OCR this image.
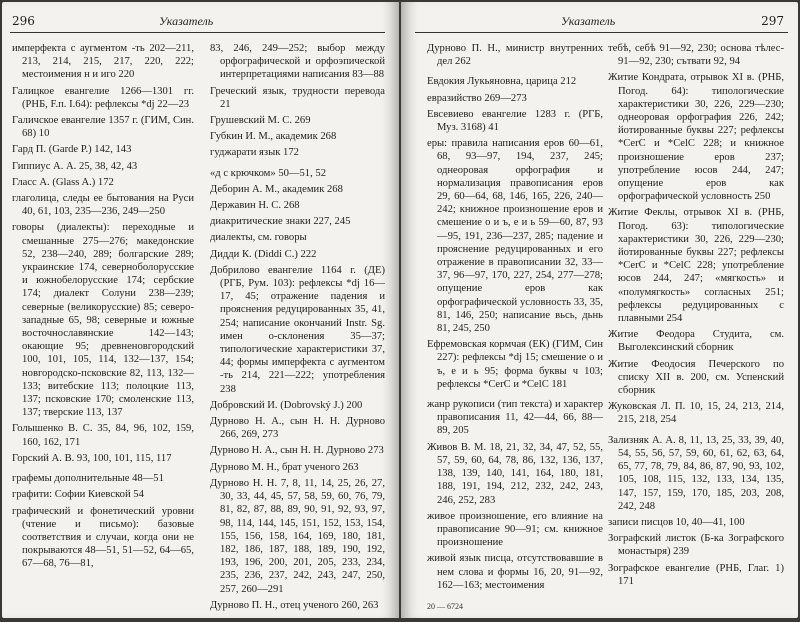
296	Указатель

имперфекта с аугментом -ть 202—211, 213, 214, 215, 217, 220, 222; местоимения н и иго 220

Галицкое евангелие 1266—1301 гг. (РНБ, F.п. I.64): рефлексы *dj 22—23

Галичское евангелие 1357 г. (ГИМ, Син. 68) 10

Гард П. (Garde P.) 142, 143

Гиппиус А. А. 25, 38, 42, 43

Гласс А. (Glass A.) 172

глаголица, следы ее бытования на Руси 40, 61, 103, 235—236, 249—250

говоры (диалекты): переходные и смешанные 275—276; македонские 52, 238—240, 289; болгарские 289; украинские 174, северноболорусские и южнобелорусские 174; сербские 174; диалект Солуни 238—239; северные (великорусские) 85; северо-западные 65, 98; северные и южные восточнославянские 142—143; окающие 95; древненовгородский 100, 101, 105, 114, 132—137, 154; новгородско-псковские 82, 113, 132—133; витебские 113; полоцкие 113, 137; псковские 170; смоленские 113, 137; тверские 113, 137

Голышенко В. С. 35, 84, 96, 102, 159, 160, 162, 171

Горский А. В. 93, 100, 101, 115, 117

графемы дополнительные 48—51

графити: Софии Киевской 54

графический и фонетический уровни (чтение и письмо): базовые соответствия и случаи, когда они не покрываются 48—51, 51—52, 64—65, 67—68, 76—81,

83, 246, 249—252; выбор между орфографической и орфоэпической интерпретациями написания 83—88

Греческий язык, трудности перевода 21

Грушевский М. С. 269

Губкин И. М., академик 268

гуджарати язык 172

«д с крючком» 50—51, 52

Деборин А. М., академик 268

Державин Н. С. 268

диакритические знаки 227, 245

диалекты, см. говоры

Дидди К. (Diddi C.) 222

Добрилово евангелие 1164 г. (ДЕ) (РГБ, Рум. 103): рефлексы *dj 16—17, 45; отражение падения и прояснения редуцированных 35, 41, 254; написание окончаний Instr. Sg. имен о-склонения 35—37; типологические характеристики 37, 44; формы имперфекта с аугментом -ть 214, 221—222; употребления 238

Добровский И. (Dobrovský J.) 200

Дурново Н. А., сын Н. Н. Дурново 266, 269, 273

Дурново Н. А., сын Н. Н. Дурново 273

Дурново М. Н., брат ученого 263

Дурново Н. Н. 7, 8, 11, 14, 25, 26, 27, 30, 33, 44, 45, 57, 58, 59, 60, 76, 79, 81, 82, 87, 88, 89, 90, 91, 92, 93, 97, 98, 114, 144, 145, 151, 152, 153, 154, 155, 156, 158, 164, 169, 180, 181, 182, 186, 187, 188, 189, 190, 192, 193, 196, 200, 201, 205, 233, 234, 235, 236, 237, 242, 243, 247, 250, 257, 260—291

Дурново П. Н., отец ученого 260, 263

Указатель	297

Дурново П. Н., министр внутренних дел 262

Евдокия Лукьяновна, царица 212

евразийство 269—273

Евсевиево евангелие 1283 г. (РГБ, Муз. 3168) 41

еры: правила написания еров 60—61, 68, 93—97, 194, 237, 245; однеоровая орфография и нормализация правописания еров 29, 60—64, 68, 146, 165, 226, 240—242; книжное произношение еров и смешение о и ъ, е и ь 59—60, 87, 93—95, 191, 236—237, 285; падение и прояснение редуцированных и его отражение в правописании 32, 33—37, 96—97, 170, 227, 254, 277—278; опущение еров как орфографической условность 33, 35, 81, 146, 250; написание вьсь, дьнь 81, 245, 250

Ефремовская кормчая (ЕК) (ГИМ, Син 227): рефлексы *dj 15; смешение о и ъ, е и ь 95; форма буквы ч 103; рефлексы *CerC и *CelC 181

жанр рукописи (тип текста) и характер правописания 11, 42—44, 66, 88—89, 205

Живов В. М. 18, 21, 32, 34, 47, 52, 55, 57, 59, 60, 64, 78, 86, 132, 136, 137, 138, 139, 140, 141, 164, 180, 181, 188, 191, 194, 212, 232, 242, 243, 246, 252, 283

живое произношение, его влияние на правописание 90—91; см. книжное произношение

живой язык писца, отсутствовавшие в нем слова и формы 16, 20, 91—92, 162—163; местоимения

тебѣ, себѣ 91—92, 230; основа тѣлес- 91—92, 230; сътвати 92, 94

Житие Кондрата, отрывок XI в. (РНБ, Погод. 64): типологические характеристики 30, 226, 229—230; однеоровая орфография 226, 242; йотированные буквы 227; рефлексы *CerC и *CelC 228; и книжное произношение еров 237; употребление юсов 244, 247; опущение еров как орфографической условность 250

Житие Феклы, отрывок XI в. (РНБ, Погод. 63): типологические характеристики 30, 226, 229—230; йотированные буквы 227; рефлексы *CerC и *CelC 228; употребление юсов 244, 247; «мягкость» и «полумягкость» согласных 251; рефлексы редуцированных с плавными 254

Житие Феодора Студита, см. Выголексинский сборник

Житие Феодосия Печерского по списку XII в. 200, см. Успенский сборник

Жуковская Л. П. 10, 15, 24, 213, 214, 215, 218, 254

Зализняк А. А. 8, 11, 13, 25, 33, 39, 40, 54, 55, 56, 57, 59, 60, 61, 62, 63, 64, 65, 77, 78, 79, 84, 86, 87, 90, 93, 102, 105, 108, 115, 132, 133, 134, 135, 147, 157, 159, 170, 185, 203, 208, 242, 248

записи писцов 10, 40—41, 100

Зографский листок (Б-ка Зографского монастыря) 239

Зографское евангелие (РНБ, Глаг. 1) 171

20 — 6724
